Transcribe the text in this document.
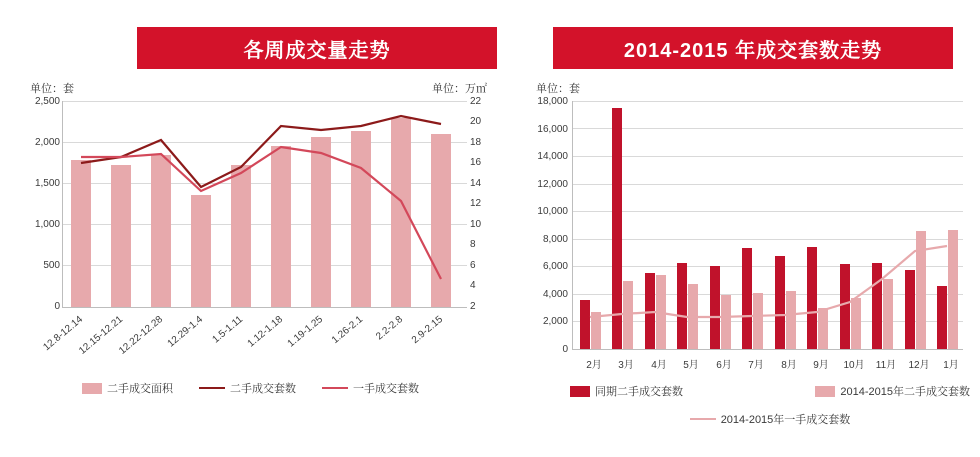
各周成交量走势
单位：套	单位：万㎡
2,500
2,000
1,500
1,000
500
0
22
20
18
16
14
12
10
8
6
4
2
12.8-12.14
12.15-12.21
12.22-12.28 12.29-1.4 1.5-1.11 1.12-1.18 1.19-1.25 1.26-2.1 2.2-2.8 2.9-2.15
二手成交面积	二手成交套数	一手成交套数
2014-2015 年成交套数走势
单位：套
18,000
16,000
14,000
12,000
10,000
8,000
6,000
4,000
2,000
0
2月	3月	4月	5月	6月	7月	8月	9月	10月	11月	12月	1月
同期二手成交套数	2014-2015年二手成交套数
2014-2015年一手成交套数
